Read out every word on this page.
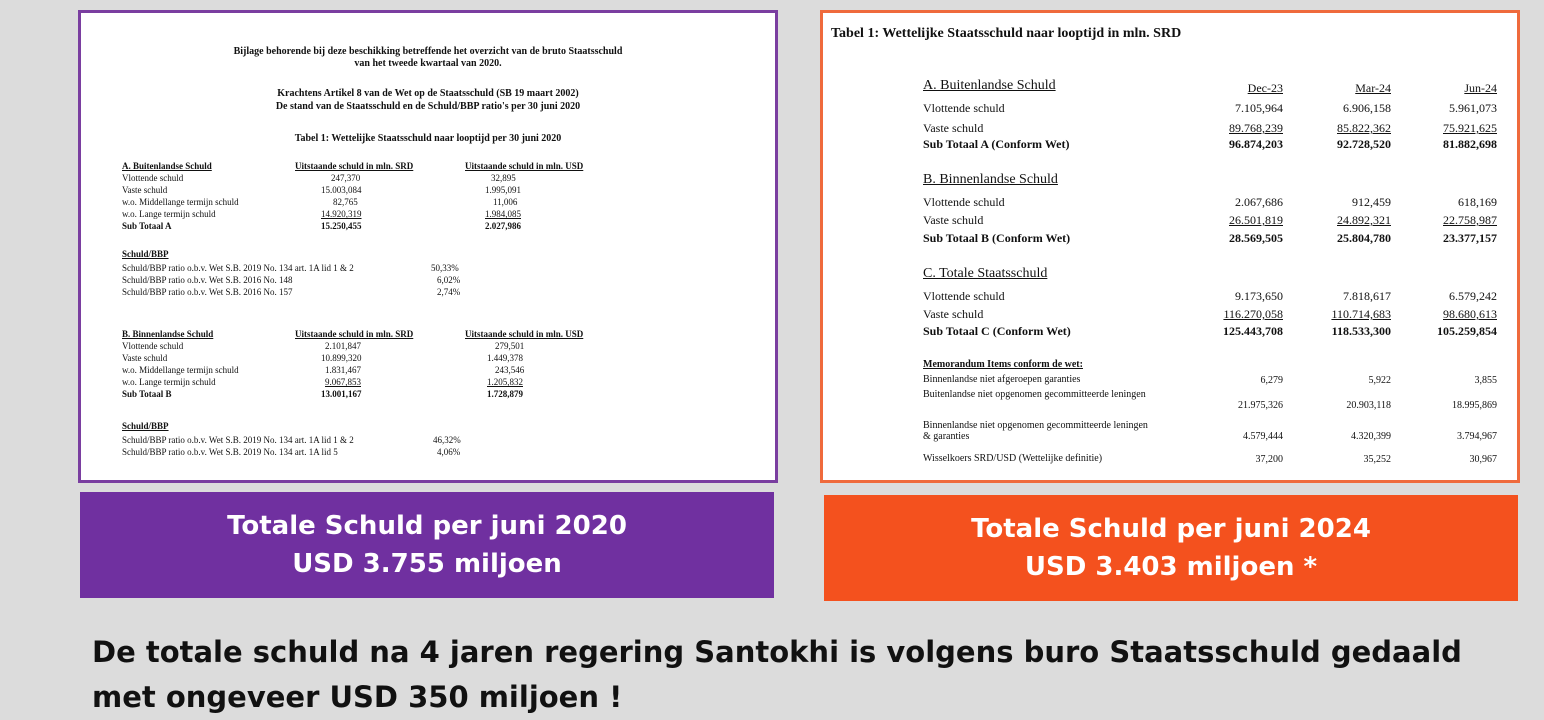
Bijlage behorende bij deze beschikking betreffende het overzicht van de bruto Staatsschuld
van het tweede kwartaal van 2020.
Krachtens Artikel 8 van de Wet op de Staatsschuld (SB 19 maart 2002)
De stand van de Staatsschuld en de Schuld/BBP ratio's per 30 juni 2020
Tabel 1: Wettelijke Staatsschuld naar looptijd per 30 juni 2020
A. Buitenlandse Schuld	Uitstaande schuld in mln. SRD	Uitstaande schuld in mln. USD
Vlottende schuld	247,370	32,895
Vaste schuld	15.003,084	1.995,091
w.o. Middellange termijn schuld	82,765	11,006
w.o. Lange termijn schuld	14.920,319	1.984,085
Sub Totaal A	15.250,455	2.027,986
Schuld/BBP
Schuld/BBP ratio o.b.v. Wet S.B. 2019 No. 134 art. 1A lid 1 & 2	50,33%
Schuld/BBP ratio o.b.v. Wet S.B. 2016 No. 148	6,02%
Schuld/BBP ratio o.b.v. Wet S.B. 2016 No. 157	2,74%
B. Binnenlandse Schuld	Uitstaande schuld in mln. SRD	Uitstaande schuld in mln. USD
Vlottende schuld	2.101,847	279,501
Vaste schuld	10.899,320	1.449,378
w.o. Middellange termijn schuld	1.831,467	243,546
w.o. Lange termijn schuld	9.067,853	1.205,832
Sub Totaal B	13.001,167	1.728,879
Schuld/BBP
Schuld/BBP ratio o.b.v. Wet S.B. 2019 No. 134 art. 1A lid 1 & 2	46,32%
Schuld/BBP ratio o.b.v. Wet S.B. 2019 No. 134 art. 1A lid 5	4,06%
Tabel 1: Wettelijke Staatsschuld naar looptijd in mln. SRD
Dec-23	Mar-24	Jun-24
A. Buitenlandse Schuld
Vlottende schuld	7.105,964	6.906,158	5.961,073
Vaste schuld	89.768,239	85.822,362	75.921,625
Sub Totaal A (Conform Wet)	96.874,203	92.728,520	81.882,698
B. Binnenlandse Schuld
Vlottende schuld	2.067,686	912,459	618,169
Vaste schuld	26.501,819	24.892,321	22.758,987
Sub Totaal B (Conform Wet)	28.569,505	25.804,780	23.377,157
C. Totale Staatsschuld
Vlottende schuld	9.173,650	7.818,617	6.579,242
Vaste schuld	116.270,058	110.714,683	98.680,613
Sub Totaal C (Conform Wet)	125.443,708	118.533,300	105.259,854
Memorandum Items conform de wet:
Binnenlandse niet afgeroepen garanties	6,279	5,922	3,855
Buitenlandse niet opgenomen gecommitteerde leningen
21.975,326	20.903,118	18.995,869
Binnenlandse niet opgenomen gecommitteerde leningen & garanties	4.579,444	4.320,399	3.794,967
Wisselkoers SRD/USD (Wettelijke definitie)	37,200	35,252	30,967
Totale Schuld per juni 2020
USD 3.755 miljoen
Totale Schuld per juni 2024
USD 3.403 miljoen *
De totale schuld na 4 jaren regering Santokhi is volgens buro Staatsschuld gedaald met ongeveer USD 350 miljoen !
